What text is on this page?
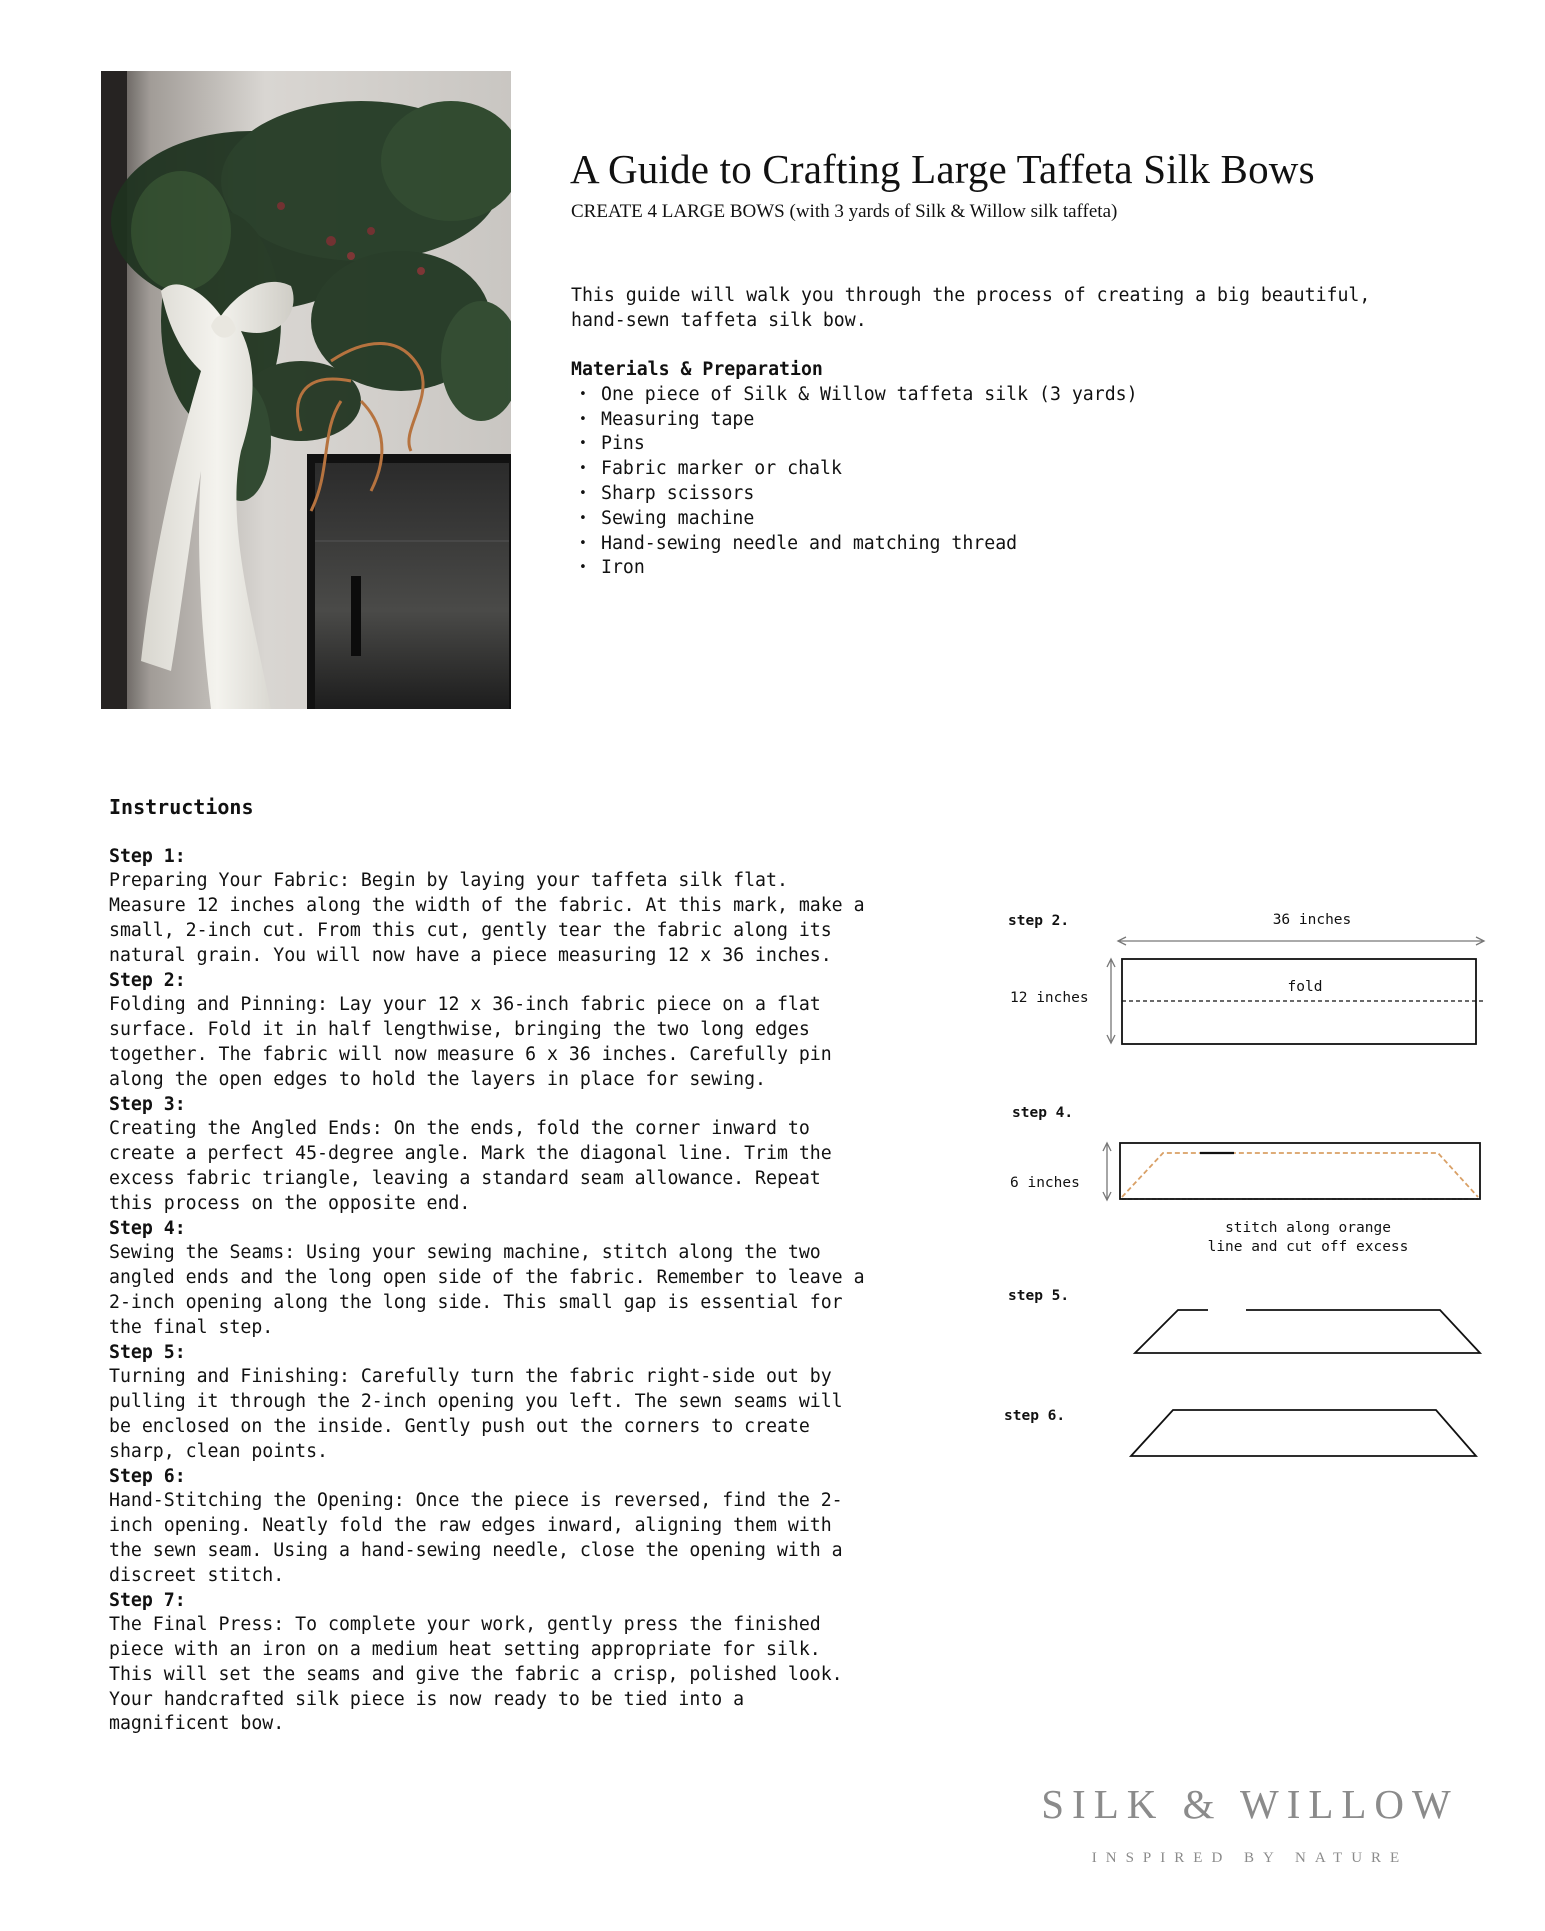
A Guide to Crafting Large Taffeta Silk Bows

CREATE 4 LARGE BOWS (with 3 yards of Silk & Willow silk taffeta)

This guide will walk you through the process of creating a big beautiful,
hand-sewn taffeta silk bow.

Materials & Preparation
• One piece of Silk & Willow taffeta silk (3 yards)
• Measuring tape
• Pins
• Fabric marker or chalk
• Sharp scissors
• Sewing machine
• Hand-sewing needle and matching thread
• Iron
Instructions
Step 1:

Preparing Your Fabric: Begin by laying your taffeta silk flat. Measure 12 inches along the width of the fabric. At this mark, make a small, 2-inch cut. From this cut, gently tear the fabric along its natural grain. You will now have a piece measuring 12 x 36 inches.

Step 2:

Folding and Pinning: Lay your 12 x 36-inch fabric piece on a flat surface. Fold it in half lengthwise, bringing the two long edges together. The fabric will now measure 6 x 36 inches. Carefully pin along the open edges to hold the layers in place for sewing.

Step 3:

Creating the Angled Ends: On the ends, fold the corner inward to create a perfect 45-degree angle. Mark the diagonal line. Trim the excess fabric triangle, leaving a standard seam allowance. Repeat this process on the opposite end.

Step 4:

Sewing the Seams: Using your sewing machine, stitch along the two angled ends and the long open side of the fabric. Remember to leave a 2-inch opening along the long side. This small gap is essential for the final step.

Step 5:

Turning and Finishing: Carefully turn the fabric right-side out by pulling it through the 2-inch opening you left. The sewn seams will be enclosed on the inside. Gently push out the corners to create sharp, clean points.

Step 6:

Hand-Stitching the Opening: Once the piece is reversed, find the 2-inch opening. Neatly fold the raw edges inward, aligning them with the sewn seam. Using a hand-sewing needle, close the opening with a discreet stitch.

Step 7:

The Final Press: To complete your work, gently press the finished piece with an iron on a medium heat setting appropriate for silk. This will set the seams and give the fabric a crisp, polished look. Your handcrafted silk piece is now ready to be tied into a magnificent bow.

step 2.	36 inches
12 inches
fold
step 4.
6 inches
stitch along orange
line and cut off excess
step 5.
step 6.

SILK & WILLOW

INSPIRED BY NATURE
